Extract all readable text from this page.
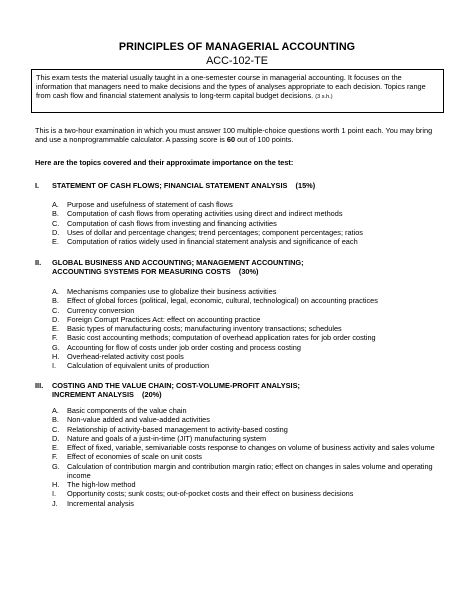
PRINCIPLES OF MANAGERIAL ACCOUNTING
ACC-102-TE
This exam tests the material usually taught in a one-semester course in managerial accounting. It focuses on the information that managers need to make decisions and the types of analyses appropriate to each decision. Topics range from cash flow and financial statement analysis to long-term capital budget decisions. (3 s.h.)
This is a two-hour examination in which you must answer 100 multiple-choice questions worth 1 point each. You may bring and use a nonprogrammable calculator. A passing score is 60 out of 100 points.
Here are the topics covered and their approximate importance on the test:
I. STATEMENT OF CASH FLOWS; FINANCIAL STATEMENT ANALYSIS    (15%)
A. Purpose and usefulness of statement of cash flows
B. Computation of cash flows from operating activities using direct and indirect methods
C. Computation of cash flows from investing and financing activities
D. Uses of dollar and percentage changes; trend percentages; component percentages; ratios
E. Computation of ratios widely used in financial statement analysis and significance of each
II. GLOBAL BUSINESS AND ACCOUNTING; MANAGEMENT ACCOUNTING;
ACCOUNTING SYSTEMS FOR MEASURING COSTS    (30%)
A. Mechanisms companies use to globalize their business activities
B. Effect of global forces (political, legal, economic, cultural, technological) on accounting practices
C. Currency conversion
D. Foreign Corrupt Practices Act: effect on accounting practice
E. Basic types of manufacturing costs; manufacturing inventory transactions; schedules
F. Basic cost accounting methods; computation of overhead application rates for job order costing
G. Accounting for flow of costs under job order costing and process costing
H. Overhead-related activity cost pools
I. Calculation of equivalent units of production
III. COSTING AND THE VALUE CHAIN; COST-VOLUME-PROFIT ANALYSIS;
INCREMENT ANALYSIS    (20%)
A. Basic components of the value chain
B. Non-value added and value-added activities
C. Relationship of activity-based management to activity-based costing
D. Nature and goals of a just-in-time (JIT) manufacturing system
E. Effect of fixed, variable, semivariable costs response to changes on volume of business activity and sales volume
F. Effect of economies of scale on unit costs
G. Calculation of contribution margin and contribution margin ratio; effect on changes in sales volume and operating income
H. The high-low method
I. Opportunity costs; sunk costs; out-of-pocket costs and their effect on business decisions
J. Incremental analysis
